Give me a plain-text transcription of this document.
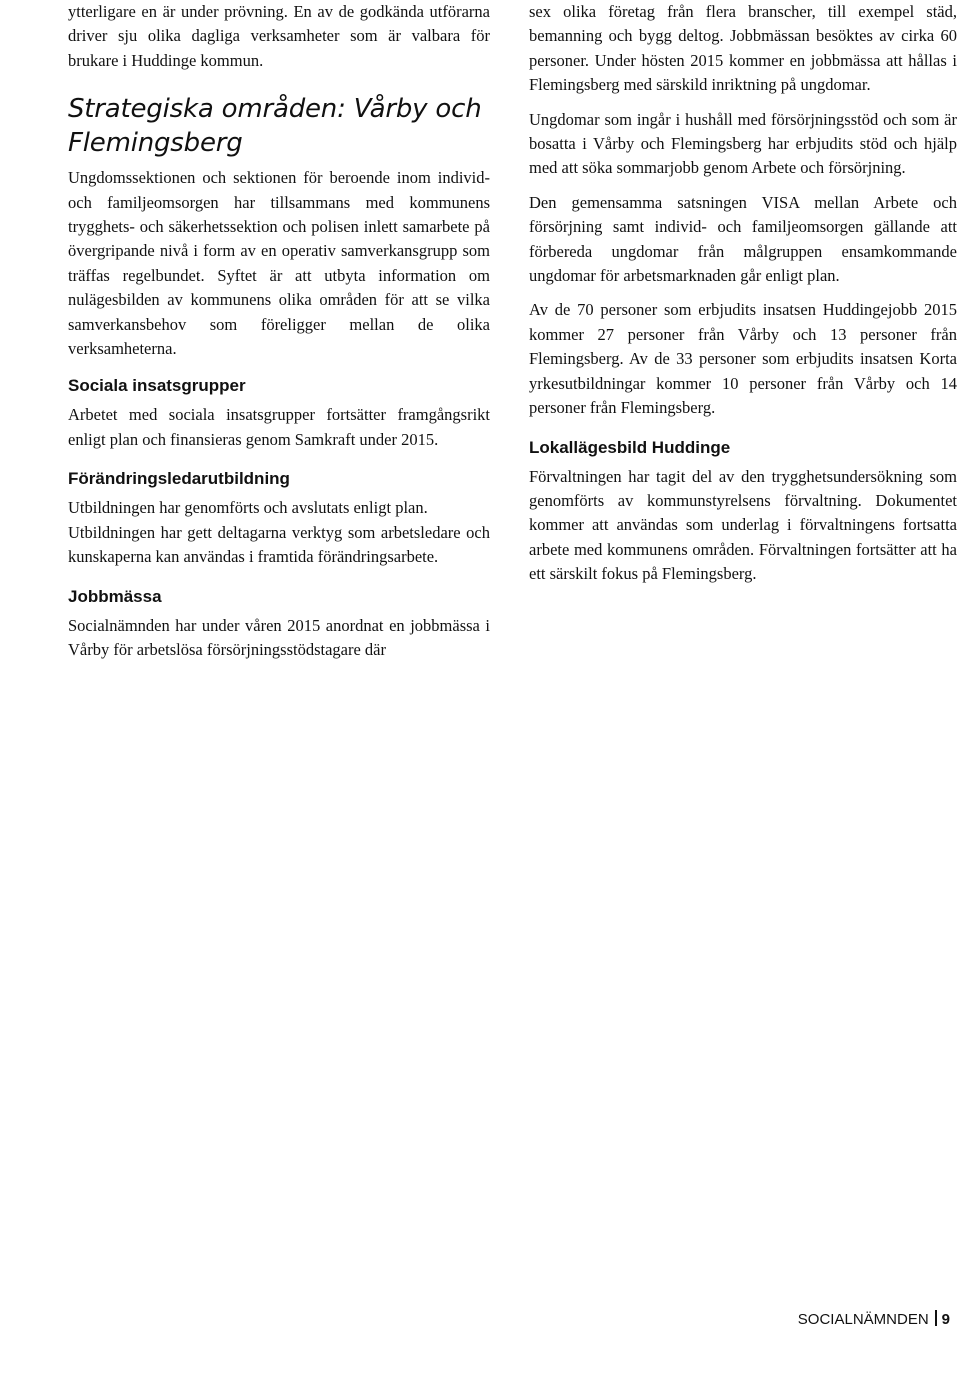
ytterligare en är under prövning. En av de godkända utförarna driver sju olika dagliga verksamheter som är valbara för brukare i Huddinge kommun.

Strategiska områden: Vårby och Flemingsberg

Ungdomssektionen och sektionen för beroende inom individ- och familjeomsorgen har tillsammans med kommunens trygghets- och säkerhetssektion och polisen inlett samarbete på övergripande nivå i form av en operativ samverkansgrupp som träffas regelbundet. Syftet är att utbyta information om nulägesbilden av kommunens olika områden för att se vilka samverkansbehov som föreligger mellan de olika verksamheterna.

Sociala insatsgrupper

Arbetet med sociala insatsgrupper fortsätter framgångsrikt enligt plan och finansieras genom Samkraft under 2015.

Förändringsledarutbildning

Utbildningen har genomförts och avslutats enligt plan.

Utbildningen har gett deltagarna verktyg som arbetsledare och kunskaperna kan användas i framtida förändringsarbete.

Jobbmässa

Socialnämnden har under våren 2015 anordnat en jobbmässa i Vårby för arbetslösa försörjningsstödstagare där

sex olika företag från flera branscher, till exempel städ, bemanning och bygg deltog. Jobbmässan besöktes av cirka 60 personer. Under hösten 2015 kommer en jobbmässa att hållas i Flemingsberg med särskild inriktning på ungdomar.

Ungdomar som ingår i hushåll med försörjningsstöd och som är bosatta i Vårby och Flemingsberg har erbjudits stöd och hjälp med att söka sommarjobb genom Arbete och försörjning.

Den gemensamma satsningen VISA mellan Arbete och försörjning samt individ- och familjeomsorgen gällande att förbereda ungdomar från målgruppen ensamkommande ungdomar för arbetsmarknaden går enligt plan.

Av de 70 personer som erbjudits insatsen Huddingejobb 2015 kommer 27 personer från Vårby och 13 personer från Flemingsberg. Av de 33 personer som erbjudits insatsen Korta yrkesutbildningar kommer 10 personer från Vårby och 14 personer från Flemingsberg.

Lokallägesbild Huddinge

Förvaltningen har tagit del av den trygghetsundersökning som genomförts av kommunstyrelsens förvaltning. Dokumentet kommer att användas som underlag i förvaltningens fortsatta arbete med kommunens områden. Förvaltningen fortsätter att ha ett särskilt fokus på Flemingsberg.

SOCIALNÄMNDEN 9
